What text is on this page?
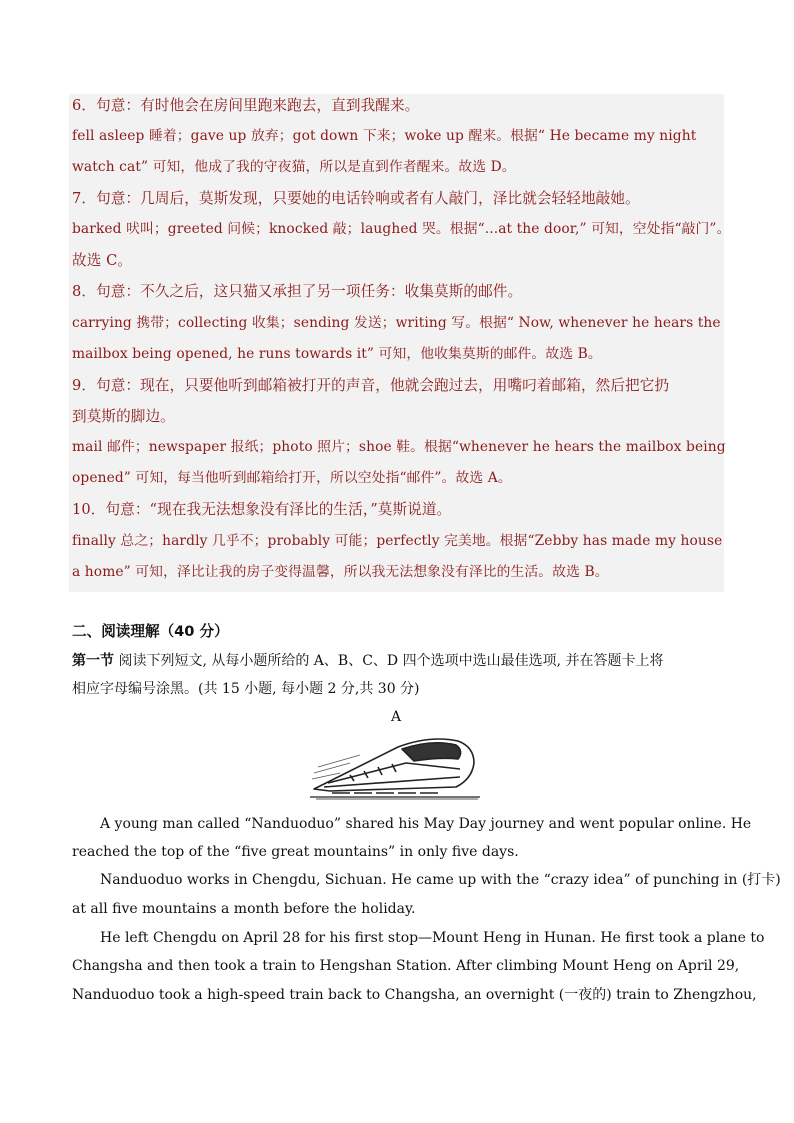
6．句意：有时他会在房间里跑来跑去，直到我醒来。
fell asleep 睡着；gave up 放弃；got down 下来；woke up 醒来。根据“ He became my night
watch cat” 可知，他成了我的守夜猫，所以是直到作者醒来。故选 D。
7．句意：几周后，莫斯发现，只要她的电话铃响或者有人敲门，泽比就会轻轻地敲她。
barked 吠叫；greeted 问候；knocked 敲；laughed 哭。根据“...at the door,” 可知，空处指“敲门”。
故选 C。
8．句意：不久之后，这只猫又承担了另一项任务：收集莫斯的邮件。
carrying 携带；collecting 收集；sending 发送；writing 写。根据“ Now, whenever he hears the
mailbox being opened, he runs towards it” 可知，他收集莫斯的邮件。故选 B。
9．句意：现在，只要他听到邮箱被打开的声音，他就会跑过去，用嘴叼着邮箱，然后把它扔
到莫斯的脚边。
mail 邮件；newspaper 报纸；photo 照片；shoe 鞋。根据“whenever he hears the mailbox being
opened” 可知，每当他听到邮箱给打开，所以空处指“邮件”。故选 A。
10．句意：“现在我无法想象没有泽比的生活，”莫斯说道。
finally 总之；hardly 几乎不；probably 可能；perfectly 完美地。根据“Zebby has made my house
a home” 可知，泽比让我的房子变得温馨，所以我无法想象没有泽比的生活。故选 B。
二、阅读理解（40 分）
第一节 阅读下列短文, 从每小题所给的 A、B、C、D 四个选项中选山最佳选项, 并在答题卡上将
相应字母编号涂黑。(共 15 小题, 每小题 2 分,共 30 分)
A
A young man called “Nanduoduo” shared his May Day journey and went popular online. He
reached the top of the “five great mountains” in only five days.
Nanduoduo works in Chengdu, Sichuan. He came up with the “crazy idea” of punching in (打卡)
at all five mountains a month before the holiday.
He left Chengdu on April 28 for his first stop—Mount Heng in Hunan. He first took a plane to
Changsha and then took a train to Hengshan Station. After climbing Mount Heng on April 29,
Nanduoduo took a high-speed train back to Changsha, an overnight (一夜的) train to Zhengzhou,
